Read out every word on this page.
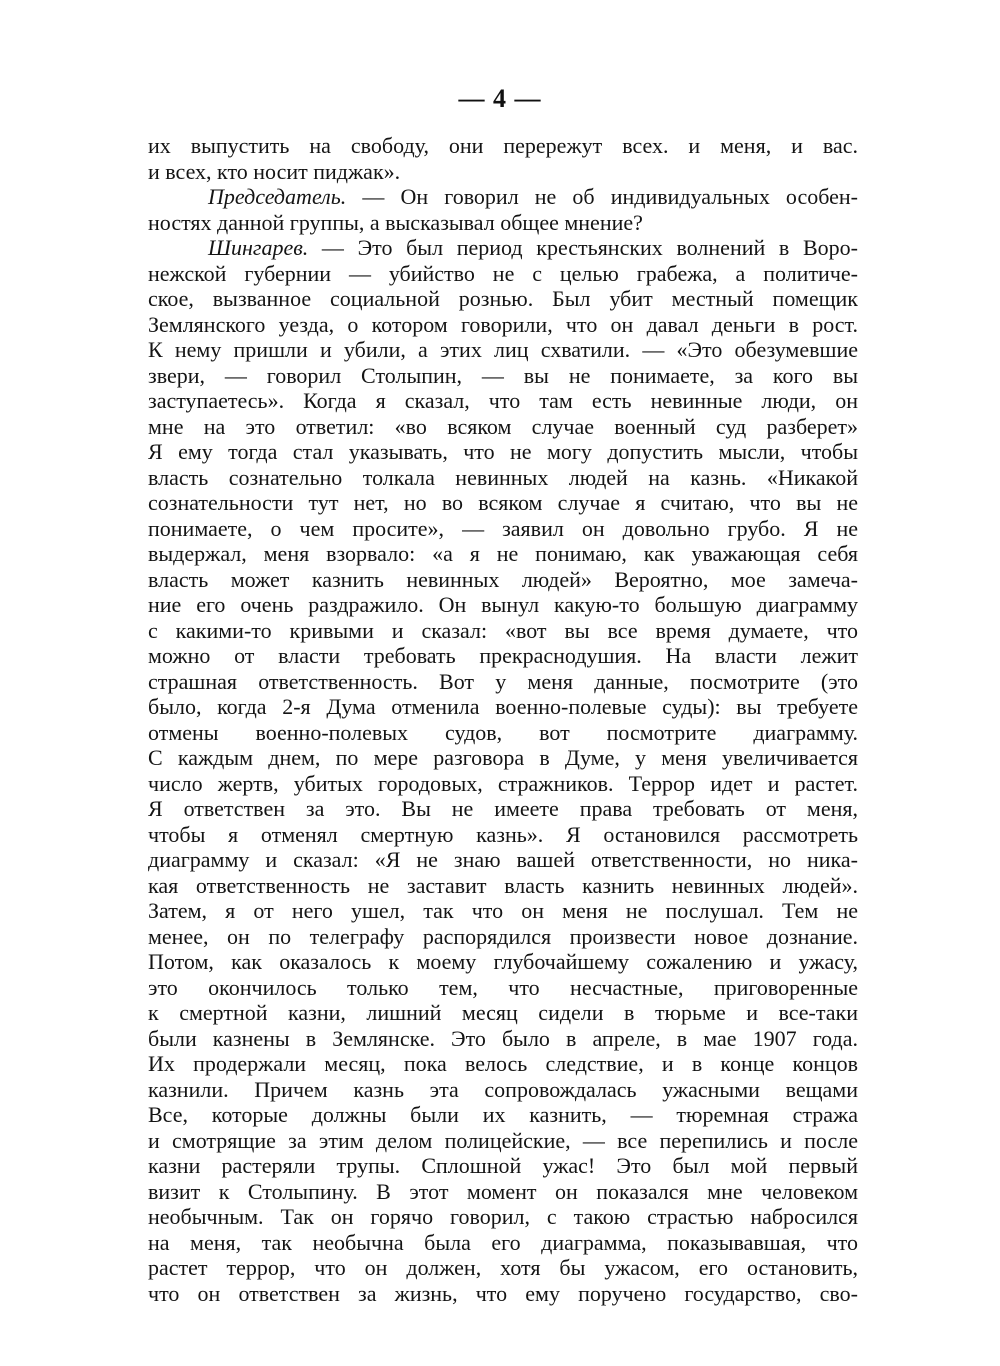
— 4 —
их выпустить на свободу, они перережут всех. и меня, и вас.
и всех, кто носит пиджак».
Председатель. — Он говорил не об индивидуальных особен-
ностях данной группы, а высказывал общее мнение?
Шингарев. — Это был период крестьянских волнений в Воро-
нежской губернии — убийство не с целью грабежа, а политиче-
ское, вызванное социальной рознью. Был убит местный помещик
Землянского уезда, о котором говорили, что он давал деньги в рост.
К нему пришли и убили, а этих лиц схватили. — «Это обезумевшие
звери, — говорил Столыпин, — вы не понимаете, за кого вы
заступаетесь». Когда я сказал, что там есть невинные люди, он
мне на это ответил: «во всяком случае военный суд разберет»
Я ему тогда стал указывать, что не могу допустить мысли, чтобы
власть сознательно толкала невинных людей на казнь. «Никакой
сознательности тут нет, но во всяком случае я считаю, что вы не
понимаете, о чем просите», — заявил он довольно грубо. Я не
выдержал, меня взорвало: «а я не понимаю, как уважающая себя
власть может казнить невинных людей» Вероятно, мое замеча-
ние его очень раздражило. Он вынул какую-то большую диаграмму
с какими-то кривыми и сказал: «вот вы все время думаете, что
можно от власти требовать прекраснодушия. На власти лежит
страшная ответственность. Вот у меня данные, посмотрите (это
было, когда 2-я Дума отменила военно-полевые суды): вы требуете
отмены военно-полевых судов, вот посмотрите диаграмму.
С каждым днем, по мере разговора в Думе, у меня увеличивается
число жертв, убитых городовых, стражников. Террор идет и растет.
Я ответствен за это. Вы не имеете права требовать от меня,
чтобы я отменял смертную казнь». Я остановился рассмотреть
диаграмму и сказал: «Я не знаю вашей ответственности, но ника-
кая ответственность не заставит власть казнить невинных людей».
Затем, я от него ушел, так что он меня не послушал. Тем не
менее, он по телеграфу распорядился произвести новое дознание.
Потом, как оказалось к моему глубочайшему сожалению и ужасу,
это окончилось только тем, что несчастные, приговоренные
к смертной казни, лишний месяц сидели в тюрьме и все-таки
были казнены в Землянске. Это было в апреле, в мае 1907 года.
Их продержали месяц, пока велось следствие, и в конце концов
казнили. Причем казнь эта сопровождалась ужасными вещами
Все, которые должны были их казнить, — тюремная стража
и смотрящие за этим делом полицейские, — все перепились и после
казни растеряли трупы. Сплошной ужас! Это был мой первый
визит к Столыпину. В этот момент он показался мне человеком
необычным. Так он горячо говорил, с такою страстью набросился
на меня, так необычна была его диаграмма, показывавшая, что
растет террор, что он должен, хотя бы ужасом, его остановить,
что он ответствен за жизнь, что ему поручено государство, сво-
